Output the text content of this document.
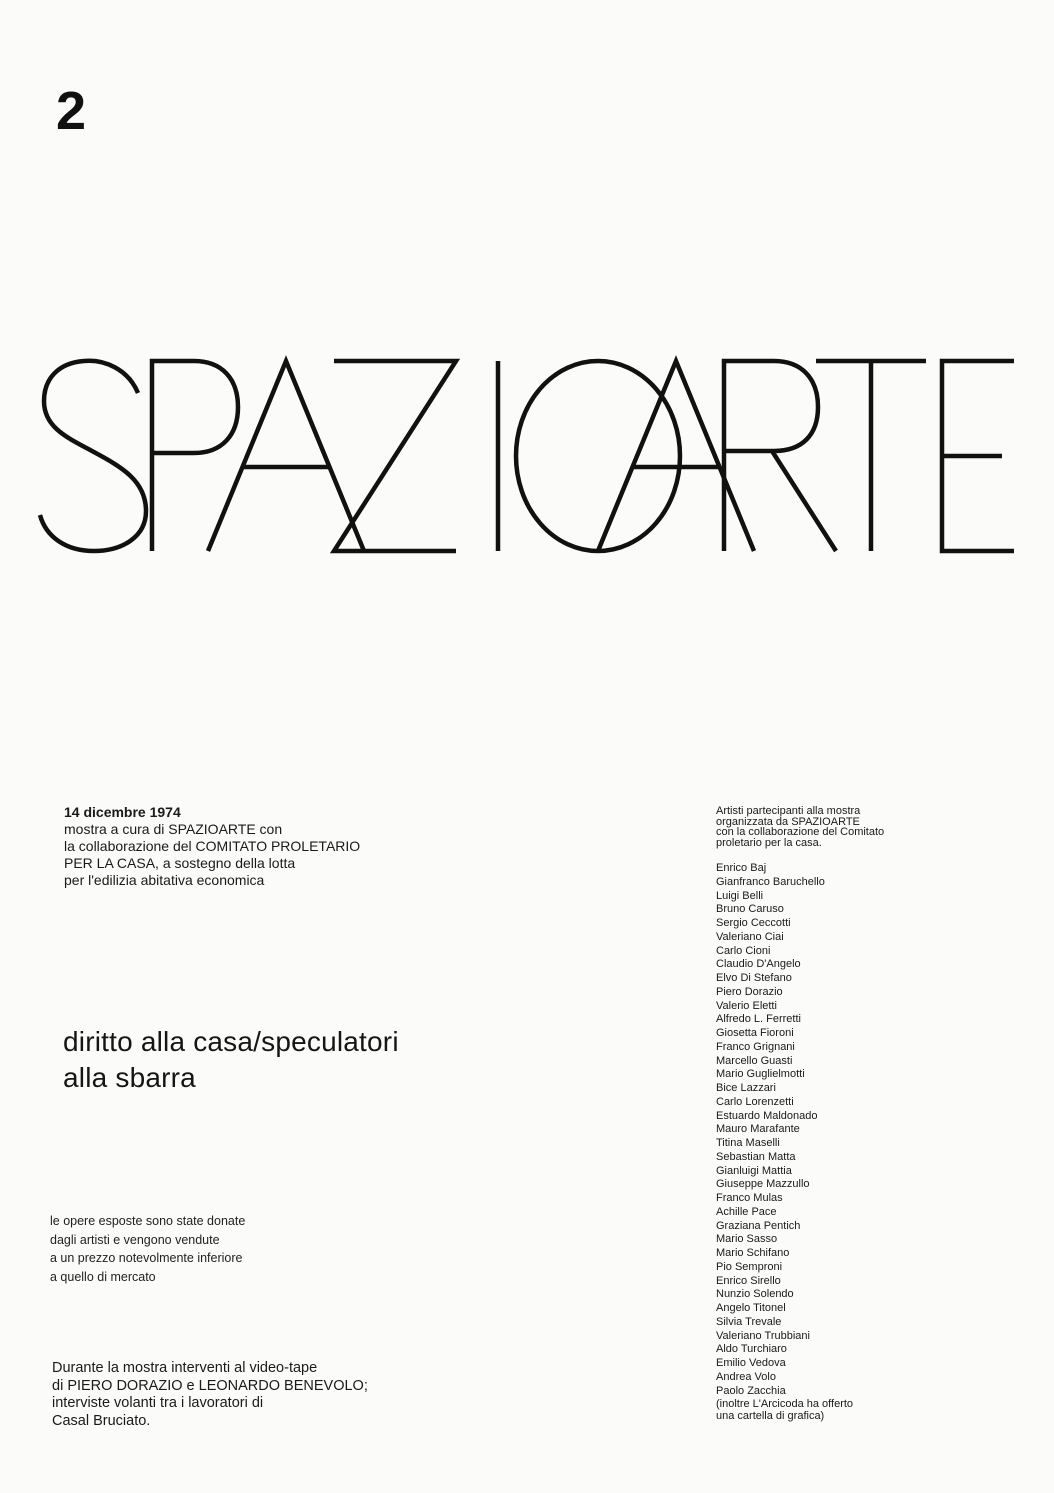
2
14 dicembre 1974
mostra a cura di SPAZIOARTE con
la collaborazione del COMITATO PROLETARIO
PER LA CASA, a sostegno della lotta
per l'edilizia abitativa economica
diritto alla casa/speculatori
alla sbarra
le opere esposte sono state donate
dagli artisti e vengono vendute
a un prezzo notevolmente inferiore
a quello di mercato
Durante la mostra interventi al video-tape
di PIERO DORAZIO e LEONARDO BENEVOLO;
interviste volanti tra i lavoratori di
Casal Bruciato.
Artisti partecipanti alla mostra
organizzata da SPAZIOARTE
con la collaborazione del Comitato
proletario per la casa.
Enrico Baj
Gianfranco Baruchello
Luigi Belli
Bruno Caruso
Sergio Ceccotti
Valeriano Ciai
Carlo Cioni
Claudio D'Angelo
Elvo Di Stefano
Piero Dorazio
Valerio Eletti
Alfredo L. Ferretti
Giosetta Fioroni
Franco Grignani
Marcello Guasti
Mario Guglielmotti
Bice Lazzari
Carlo Lorenzetti
Estuardo Maldonado
Mauro Marafante
Titina Maselli
Sebastian Matta
Gianluigi Mattia
Giuseppe Mazzullo
Franco Mulas
Achille Pace
Graziana Pentich
Mario Sasso
Mario Schifano
Pio Semproni
Enrico Sirello
Nunzio Solendo
Angelo Titonel
Silvia Trevale
Valeriano Trubbiani
Aldo Turchiaro
Emilio Vedova
Andrea Volo
Paolo Zacchia
(inoltre L'Arcicoda ha offerto
una cartella di grafica)
